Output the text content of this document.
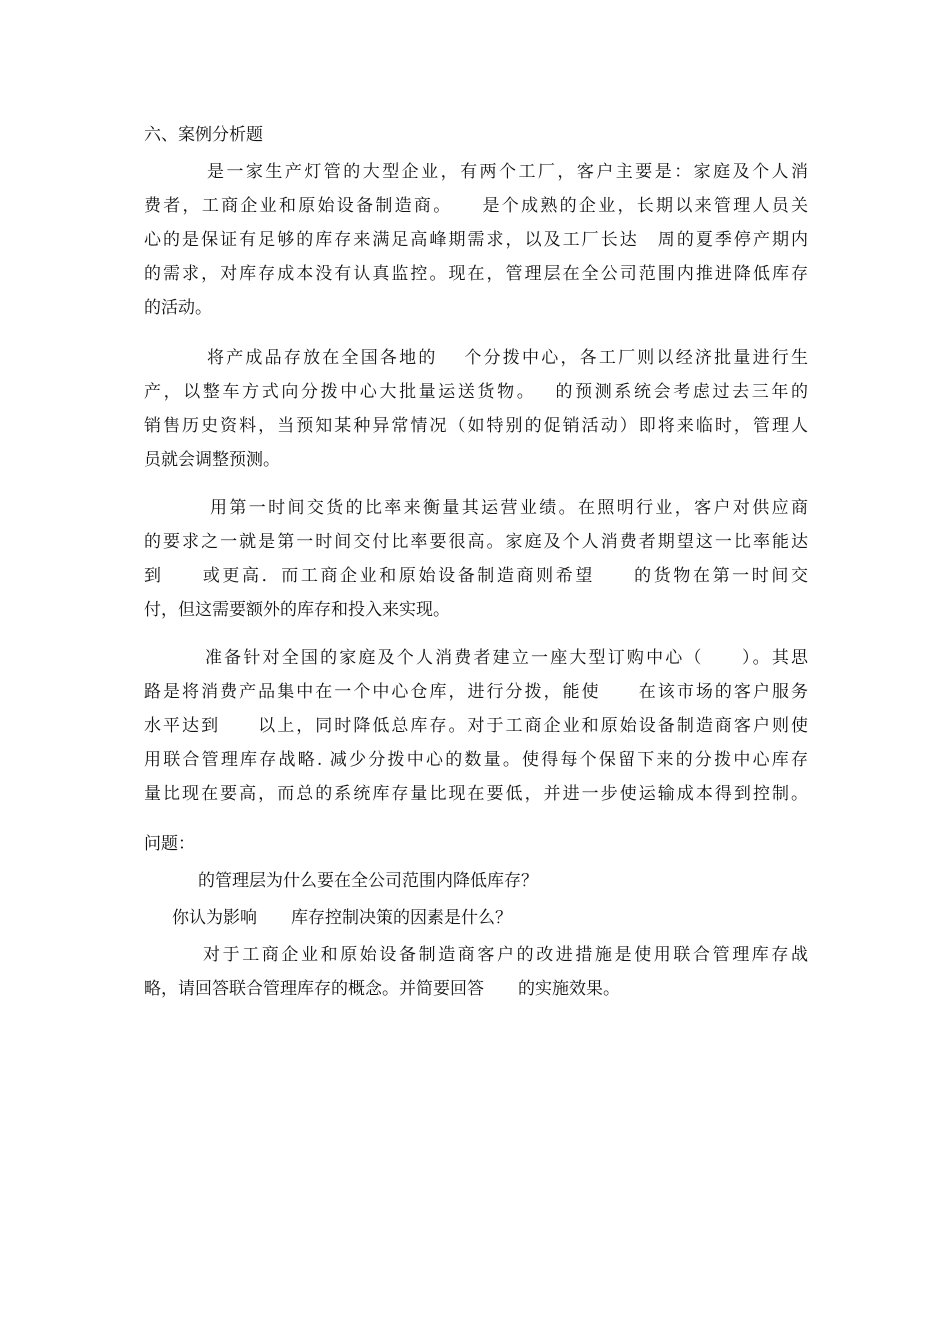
六、案例分析题
是一家生产灯管的大型企业，有两个工厂，客户主要是：家庭及个人消
费者，工商企业和原始设备制造商。　　是个成熟的企业，长期以来管理人员关
心的是保证有足够的库存来满足高峰期需求，以及工厂长达　周的夏季停产期内
的需求，对库存成本没有认真监控。现在，管理层在全公司范围内推进降低库存
的活动。
将产成品存放在全国各地的　 个分拨中心，各工厂则以经济批量进行生
产，以整车方式向分拨中心大批量运送货物。　 的预测系统会考虑过去三年的
销售历史资料，当预知某种异常情况（如特别的促销活动）即将来临时，管理人
员就会调整预测。
用第一时间交货的比率来衡量其运营业绩。在照明行业，客户对供应商
的要求之一就是第一时间交付比率要很高。家庭及个人消费者期望这一比率能达
到　　或更高．而工商企业和原始设备制造商则希望　　的货物在第一时间交
付，但这需要额外的库存和投入来实现。
准备针对全国的家庭及个人消费者建立一座大型订购中心（　　）。其思
路是将消费产品集中在一个中心仓库，进行分拨，能使　　在该市场的客户服务
水平达到　　以上，同时降低总库存。对于工商企业和原始设备制造商客户则使
用联合管理库存战略. 减少分拨中心的数量。使得每个保留下来的分拨中心库存
量比现在要高，而总的系统库存量比现在要低，并进一步使运输成本得到控制。
问题：
的管理层为什么要在全公司范围内降低库存？
你认为影响　　库存控制决策的因素是什么？
对于工商企业和原始设备制造商客户的改进措施是使用联合管理库存战
略，请回答联合管理库存的概念。并简要回答　　的实施效果。
